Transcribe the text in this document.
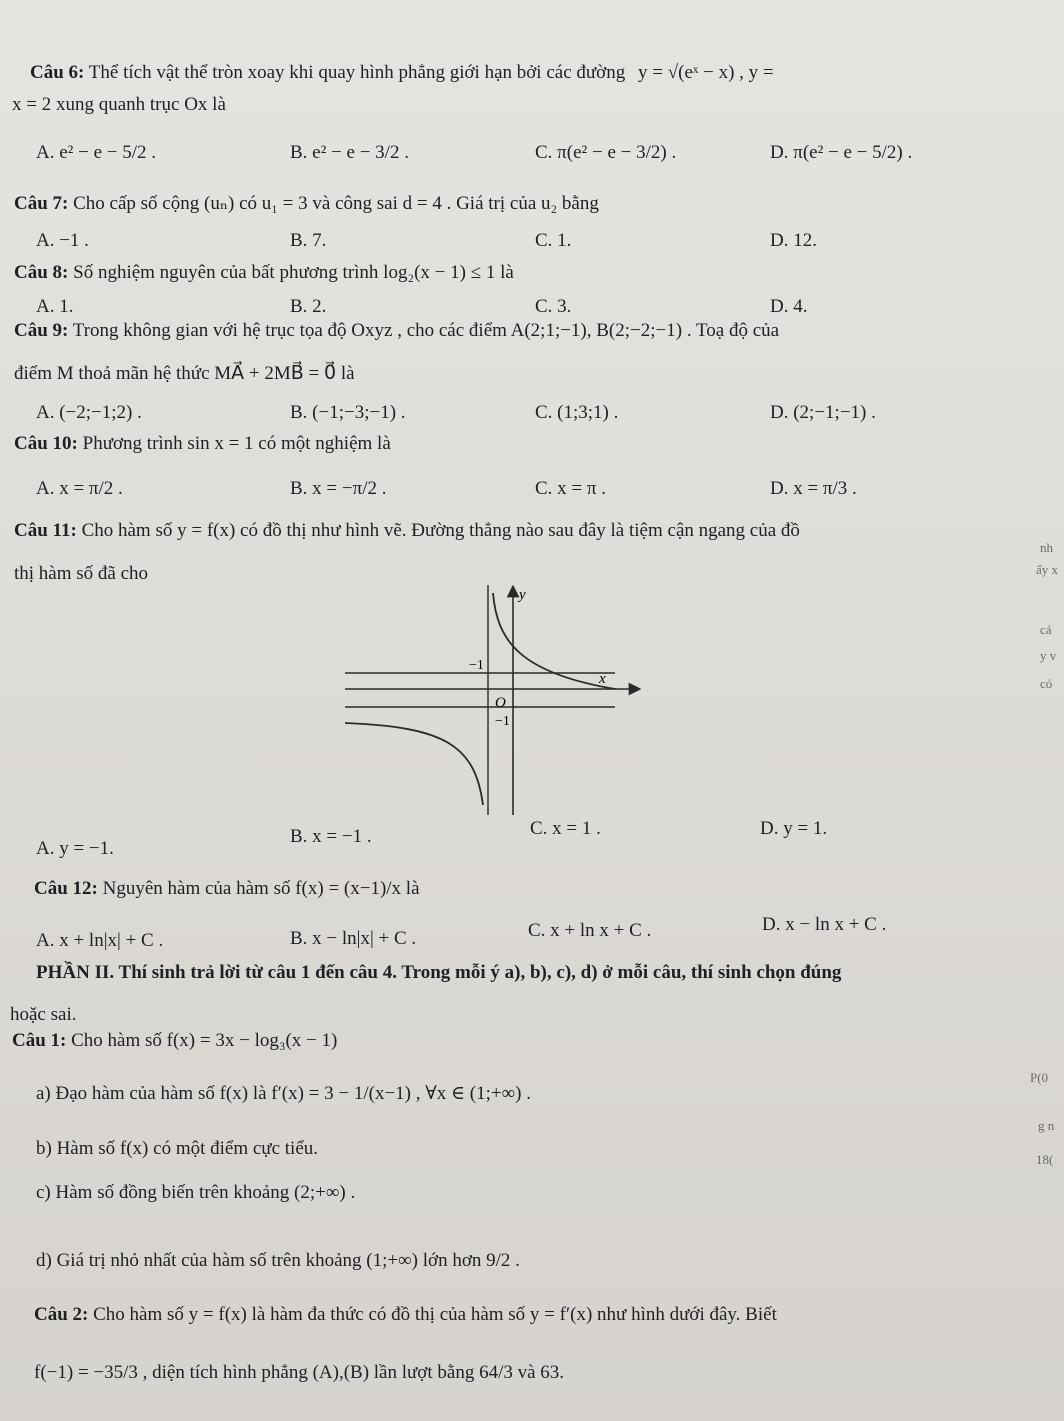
Câu 6: Thể tích vật thể tròn xoay khi quay hình phẳng giới hạn bởi các đường y = √(eˣ − x) , y =
x = 2 xung quanh trục Ox là
A. e² − e − 5/2 .	B. e² − e − 3/2 .	C. π(e² − e − 3/2) .	D. π(e² − e − 5/2) .
Câu 7: Cho cấp số cộng (uₙ) có u₁ = 3 và công sai d = 4 . Giá trị của u₂ bằng
A. −1 .	B. 7.	C. 1.	D. 12.
Câu 8: Số nghiệm nguyên của bất phương trình log₂(x − 1) ≤ 1 là
A. 1.	B. 2.	C. 3.	D. 4.
Câu 9: Trong không gian với hệ trục tọa độ Oxyz , cho các điểm A(2;1;−1), B(2;−2;−1) . Toạ độ của
điểm M thoả mãn hệ thức MA⃗ + 2MB⃗ = 0⃗ là
A. (−2;−1;2) .	B. (−1;−3;−1) .	C. (1;3;1) .	D. (2;−1;−1) .
Câu 10: Phương trình sin x = 1 có một nghiệm là
A. x = π/2 .	B. x = −π/2 .	C. x = π .	D. x = π/3 .
Câu 11: Cho hàm số y = f(x) có đồ thị như hình vẽ. Đường thẳng nào sau đây là tiệm cận ngang của đồ
thị hàm số đã cho
y
x
O
−1
−1
A. y = −1.
B. x = −1 .	C. x = 1 .	D. y = 1.
Câu 12: Nguyên hàm của hàm số f(x) = (x−1)/x là
A. x + ln|x| + C .	B. x − ln|x| + C .	C. x + ln x + C .	D. x − ln x + C .
PHẦN II. Thí sinh trả lời từ câu 1 đến câu 4. Trong mỗi ý a), b), c), d) ở mỗi câu, thí sinh chọn đúng
hoặc sai.
Câu 1: Cho hàm số f(x) = 3x − log₃(x − 1)
a) Đạo hàm của hàm số f(x) là f′(x) = 3 − 1/(x−1) , ∀x ∈ (1;+∞) .
b) Hàm số f(x) có một điểm cực tiểu.
c) Hàm số đồng biến trên khoảng (2;+∞) .
d) Giá trị nhỏ nhất của hàm số trên khoảng (1;+∞) lớn hơn 9/2 .
Câu 2: Cho hàm số y = f(x) là hàm đa thức có đồ thị của hàm số y = f′(x) như hình dưới đây. Biết
f(−1) = −35/3 , diện tích hình phẳng (A),(B) lần lượt bằng 64/3 và 63.
nh
ấy x
cá
y v
có
P(0
g n
18(
